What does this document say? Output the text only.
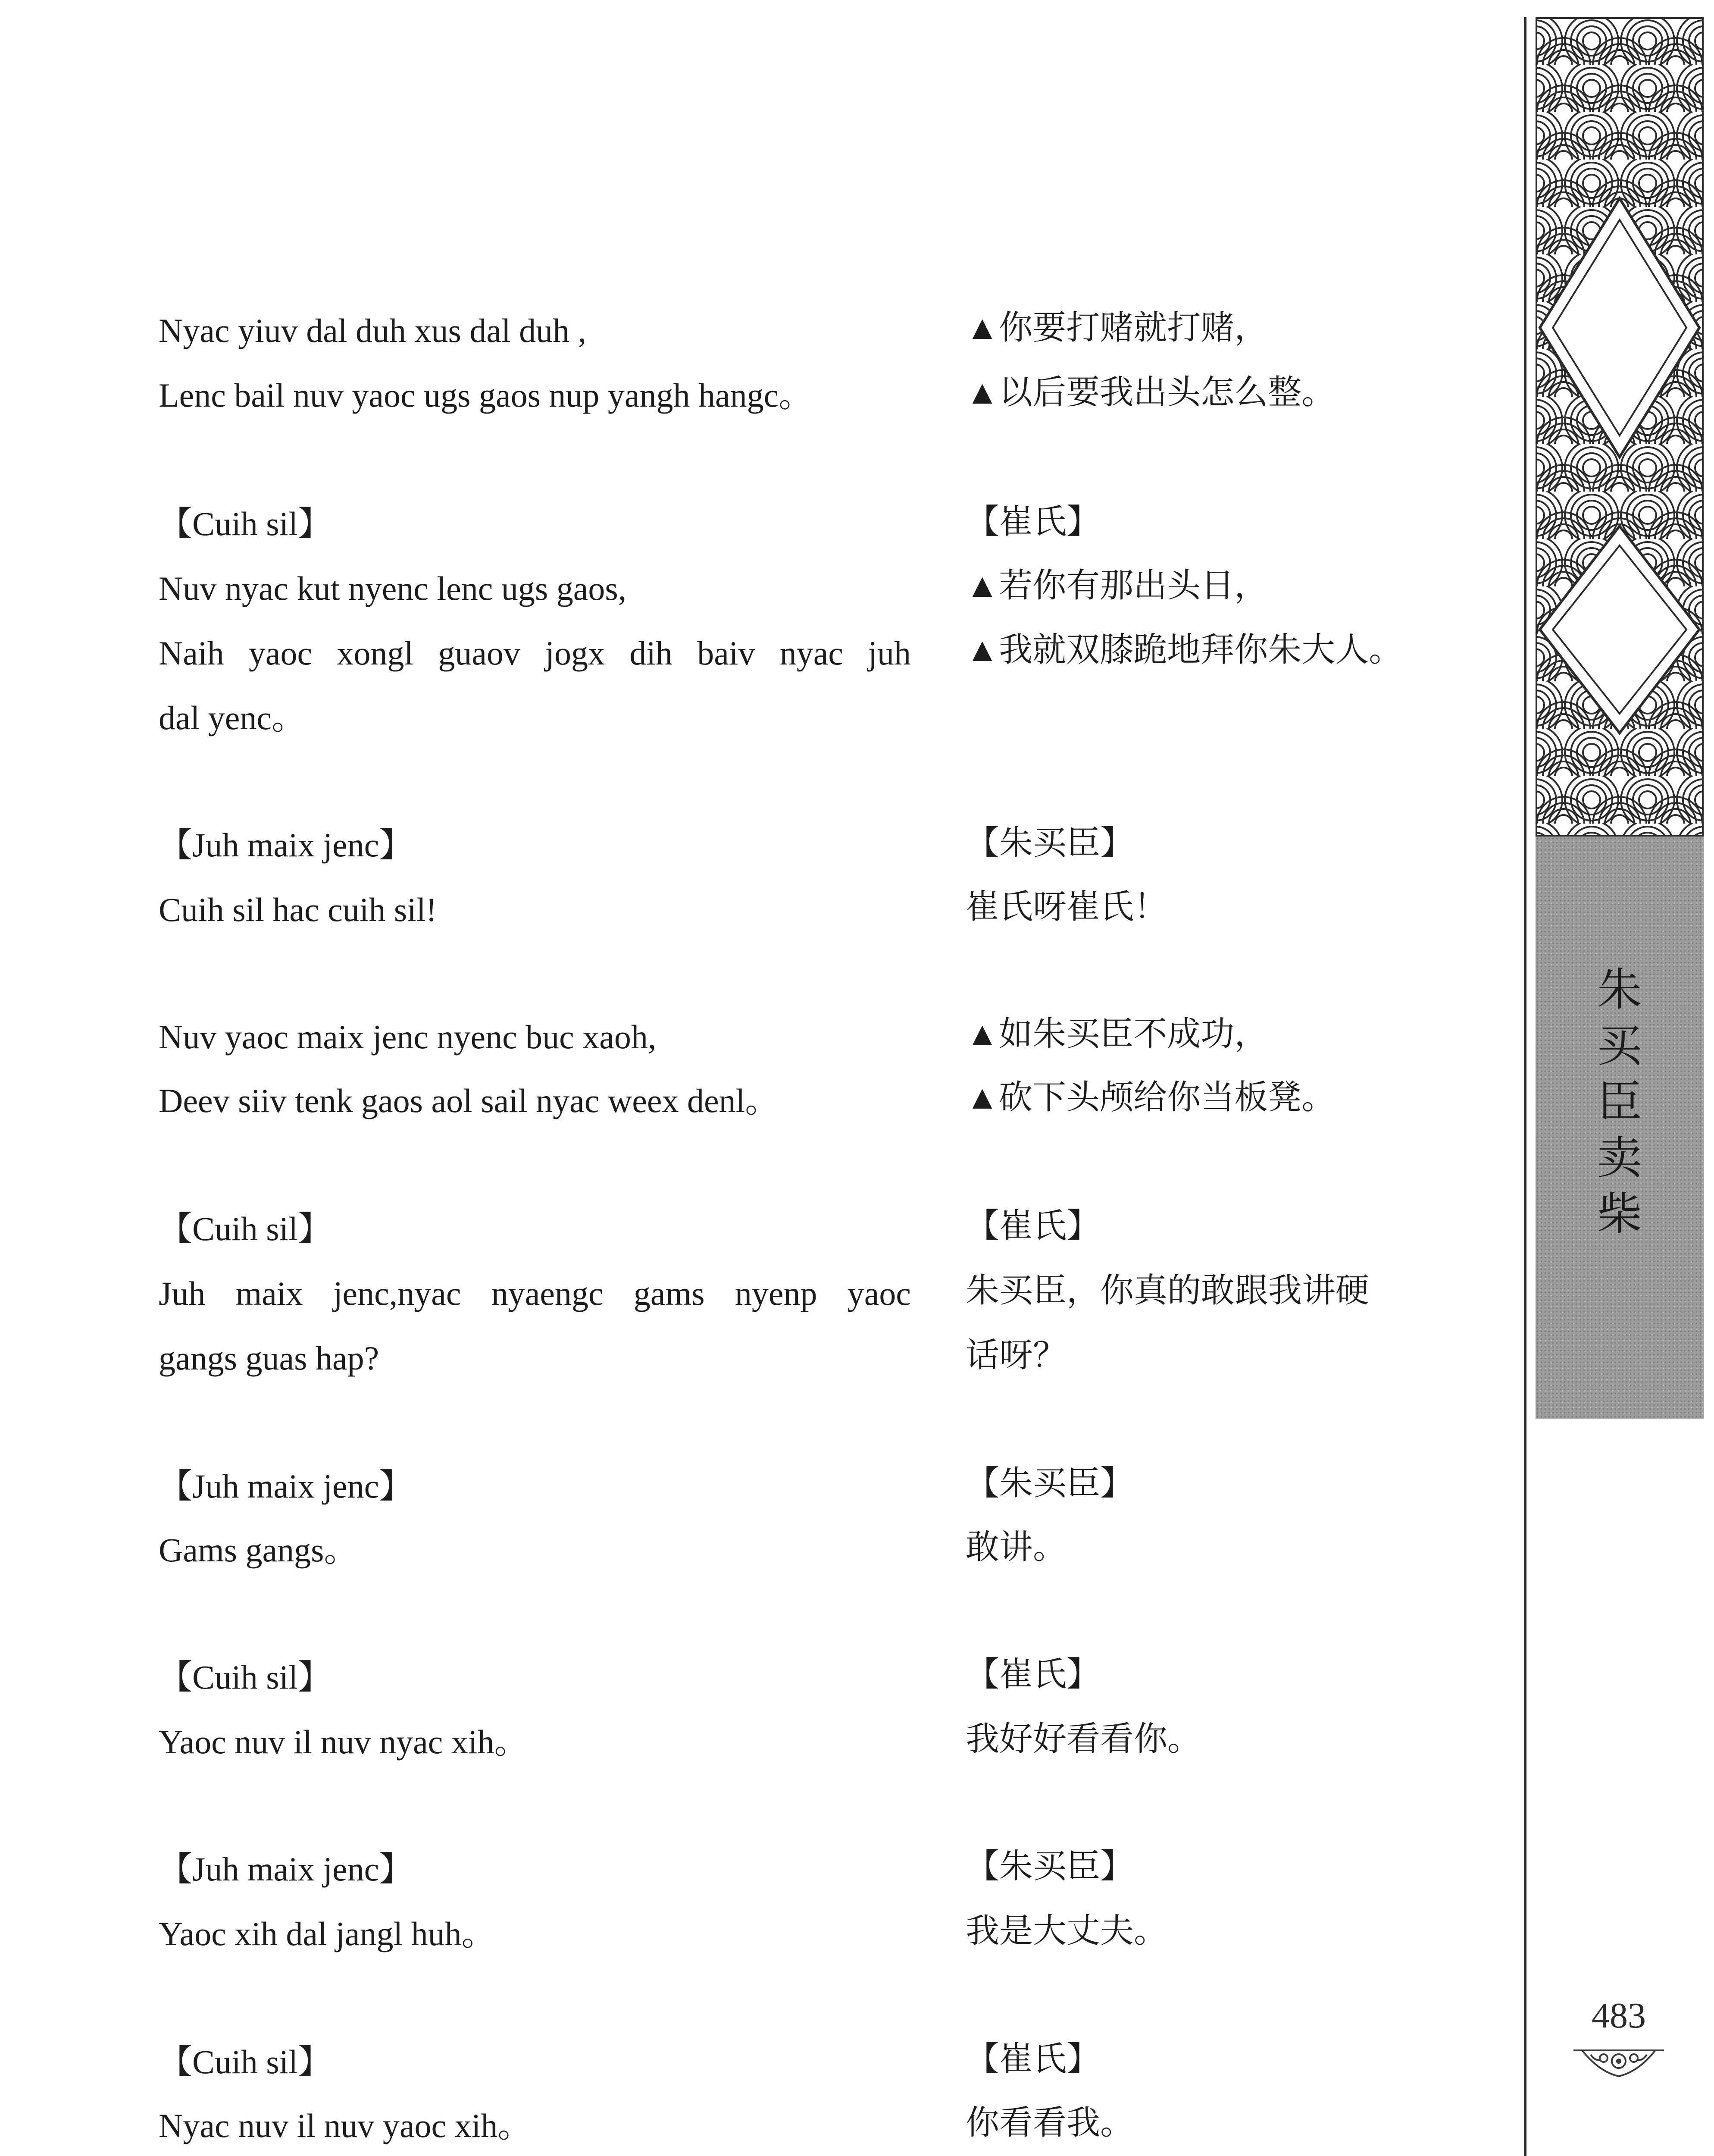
Nyac yiuv dal duh xus dal duh ,
Lenc bail nuv yaoc ugs gaos nup yangh hangc。
【Cuih sil】
Nuv nyac kut nyenc lenc ugs gaos,
Naih yaoc xongl guaov jogx dih baiv nyac juh
dal yenc。
【Juh maix jenc】
Cuih sil hac cuih sil!
Nuv yaoc maix jenc nyenc buc xaoh,
Deev siiv tenk gaos aol sail nyac weex denl。
【Cuih sil】
Juh maix jenc,nyac nyaengc gams nyenp yaoc
gangs guas hap?
【Juh maix jenc】
Gams gangs。
【Cuih sil】
Yaoc nuv il nuv nyac xih。
【Juh maix jenc】
Yaoc xih dal jangl huh。
【Cuih sil】
Nyac nuv il nuv yaoc xih。
▲你要打赌就打赌，
▲以后要我出头怎么整。
【崔氏】
▲若你有那出头日，
▲我就双膝跪地拜你朱大人。
【朱买臣】
崔氏呀崔氏！
▲如朱买臣不成功，
▲砍下头颅给你当板凳。
【崔氏】
朱买臣，你真的敢跟我讲硬
话呀？
【朱买臣】
敢讲。
【崔氏】
我好好看看你。
【朱买臣】
我是大丈夫。
【崔氏】
你看看我。
朱
买
臣
卖
柴
483
